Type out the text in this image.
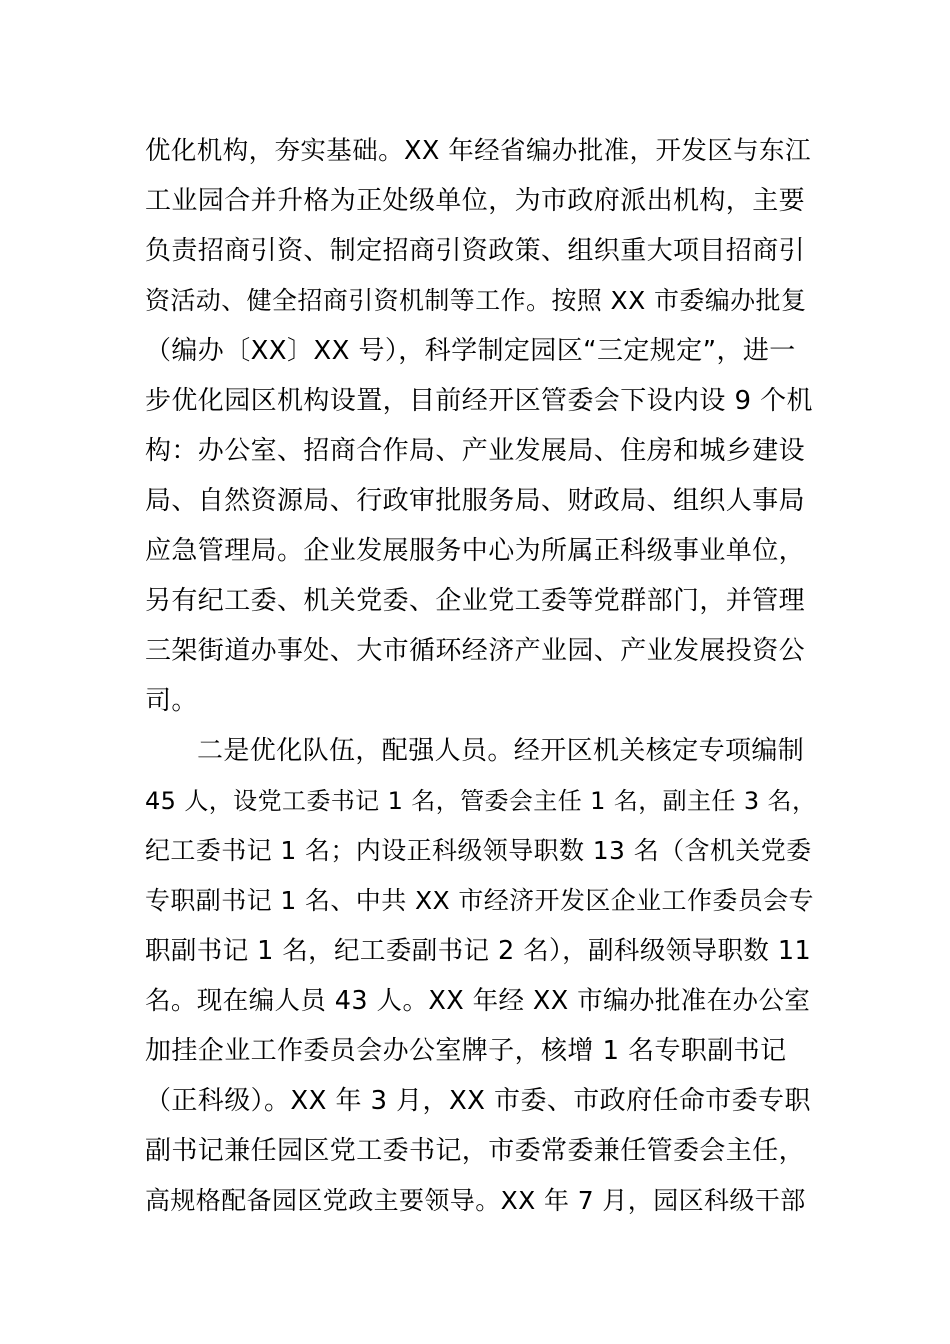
优化机构，夯实基础。XX 年经省编办批准，开发区与东江
工业园合并升格为正处级单位，为市政府派出机构，主要
负责招商引资、制定招商引资政策、组织重大项目招商引
资活动、健全招商引资机制等工作。按照 XX 市委编办批复
（编办〔XX〕XX 号），科学制定园区“三定规定”，进一
步优化园区机构设置，目前经开区管委会下设内设 9 个机
构：办公室、招商合作局、产业发展局、住房和城乡建设
局、自然资源局、行政审批服务局、财政局、组织人事局
应急管理局。企业发展服务中心为所属正科级事业单位，
另有纪工委、机关党委、企业党工委等党群部门，并管理
三架街道办事处、大市循环经济产业园、产业发展投资公
司。
二是优化队伍，配强人员。经开区机关核定专项编制
45 人，设党工委书记 1 名，管委会主任 1 名，副主任 3 名，
纪工委书记 1 名；内设正科级领导职数 13 名（含机关党委
专职副书记 1 名、中共 XX 市经济开发区企业工作委员会专
职副书记 1 名，纪工委副书记 2 名），副科级领导职数 11
名。现在编人员 43 人。XX 年经 XX 市编办批准在办公室
加挂企业工作委员会办公室牌子，核增 1 名专职副书记
（正科级）。XX 年 3 月，XX 市委、市政府任命市委专职
副书记兼任园区党工委书记，市委常委兼任管委会主任，
高规格配备园区党政主要领导。XX 年 7 月，园区科级干部
